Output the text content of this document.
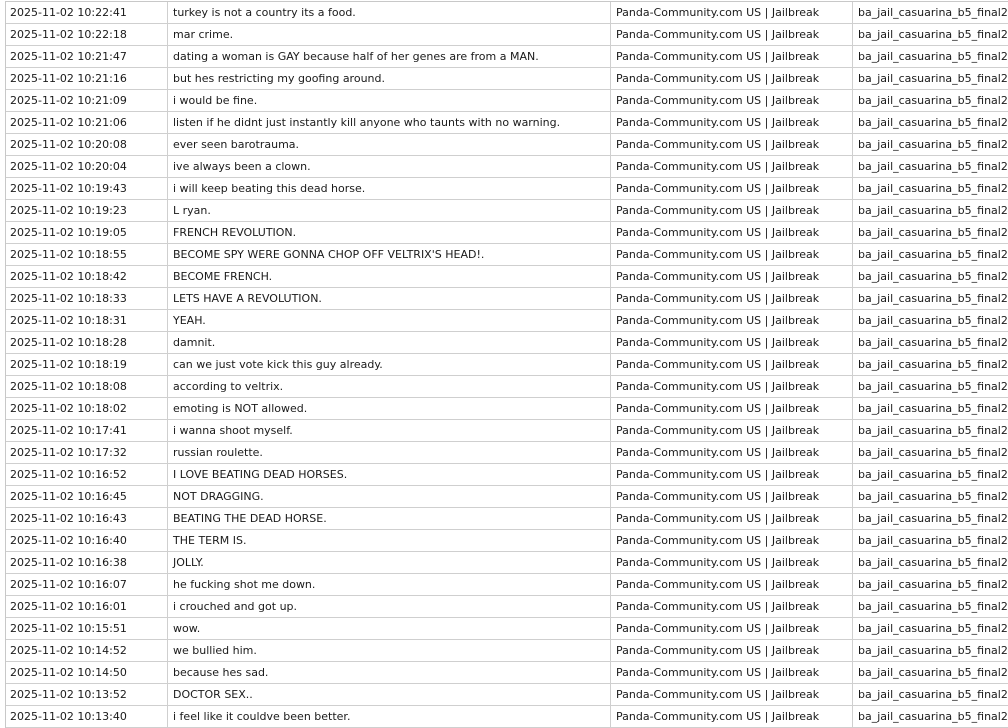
2025-11-02 10:22:41	turkey is not a country its a food.	Panda-Community.com US | Jailbreak	ba_jail_casuarina_b5_final2
2025-11-02 10:22:18	mar crime.	Panda-Community.com US | Jailbreak	ba_jail_casuarina_b5_final2
2025-11-02 10:21:47	dating a woman is GAY because half of her genes are from a MAN.	Panda-Community.com US | Jailbreak	ba_jail_casuarina_b5_final2
2025-11-02 10:21:16	but hes restricting my goofing around.	Panda-Community.com US | Jailbreak	ba_jail_casuarina_b5_final2
2025-11-02 10:21:09	i would be fine.	Panda-Community.com US | Jailbreak	ba_jail_casuarina_b5_final2
2025-11-02 10:21:06	listen if he didnt just instantly kill anyone who taunts with no warning.	Panda-Community.com US | Jailbreak	ba_jail_casuarina_b5_final2
2025-11-02 10:20:08	ever seen barotrauma.	Panda-Community.com US | Jailbreak	ba_jail_casuarina_b5_final2
2025-11-02 10:20:04	ive always been a clown.	Panda-Community.com US | Jailbreak	ba_jail_casuarina_b5_final2
2025-11-02 10:19:43	i will keep beating this dead horse.	Panda-Community.com US | Jailbreak	ba_jail_casuarina_b5_final2
2025-11-02 10:19:23	L ryan.	Panda-Community.com US | Jailbreak	ba_jail_casuarina_b5_final2
2025-11-02 10:19:05	FRENCH REVOLUTION.	Panda-Community.com US | Jailbreak	ba_jail_casuarina_b5_final2
2025-11-02 10:18:55	BECOME SPY WERE GONNA CHOP OFF VELTRIX'S HEAD!.	Panda-Community.com US | Jailbreak	ba_jail_casuarina_b5_final2
2025-11-02 10:18:42	BECOME FRENCH.	Panda-Community.com US | Jailbreak	ba_jail_casuarina_b5_final2
2025-11-02 10:18:33	LETS HAVE A REVOLUTION.	Panda-Community.com US | Jailbreak	ba_jail_casuarina_b5_final2
2025-11-02 10:18:31	YEAH.	Panda-Community.com US | Jailbreak	ba_jail_casuarina_b5_final2
2025-11-02 10:18:28	damnit.	Panda-Community.com US | Jailbreak	ba_jail_casuarina_b5_final2
2025-11-02 10:18:19	can we just vote kick this guy already.	Panda-Community.com US | Jailbreak	ba_jail_casuarina_b5_final2
2025-11-02 10:18:08	according to veltrix.	Panda-Community.com US | Jailbreak	ba_jail_casuarina_b5_final2
2025-11-02 10:18:02	emoting is NOT allowed.	Panda-Community.com US | Jailbreak	ba_jail_casuarina_b5_final2
2025-11-02 10:17:41	i wanna shoot myself.	Panda-Community.com US | Jailbreak	ba_jail_casuarina_b5_final2
2025-11-02 10:17:32	russian roulette.	Panda-Community.com US | Jailbreak	ba_jail_casuarina_b5_final2
2025-11-02 10:16:52	I LOVE BEATING DEAD HORSES.	Panda-Community.com US | Jailbreak	ba_jail_casuarina_b5_final2
2025-11-02 10:16:45	NOT DRAGGING.	Panda-Community.com US | Jailbreak	ba_jail_casuarina_b5_final2
2025-11-02 10:16:43	BEATING THE DEAD HORSE.	Panda-Community.com US | Jailbreak	ba_jail_casuarina_b5_final2
2025-11-02 10:16:40	THE TERM IS.	Panda-Community.com US | Jailbreak	ba_jail_casuarina_b5_final2
2025-11-02 10:16:38	JOLLY.	Panda-Community.com US | Jailbreak	ba_jail_casuarina_b5_final2
2025-11-02 10:16:07	he fucking shot me down.	Panda-Community.com US | Jailbreak	ba_jail_casuarina_b5_final2
2025-11-02 10:16:01	i crouched and got up.	Panda-Community.com US | Jailbreak	ba_jail_casuarina_b5_final2
2025-11-02 10:15:51	wow.	Panda-Community.com US | Jailbreak	ba_jail_casuarina_b5_final2
2025-11-02 10:14:52	we bullied him.	Panda-Community.com US | Jailbreak	ba_jail_casuarina_b5_final2
2025-11-02 10:14:50	because hes sad.	Panda-Community.com US | Jailbreak	ba_jail_casuarina_b5_final2
2025-11-02 10:13:52	DOCTOR SEX..	Panda-Community.com US | Jailbreak	ba_jail_casuarina_b5_final2
2025-11-02 10:13:40	i feel like it couldve been better.	Panda-Community.com US | Jailbreak	ba_jail_casuarina_b5_final2
